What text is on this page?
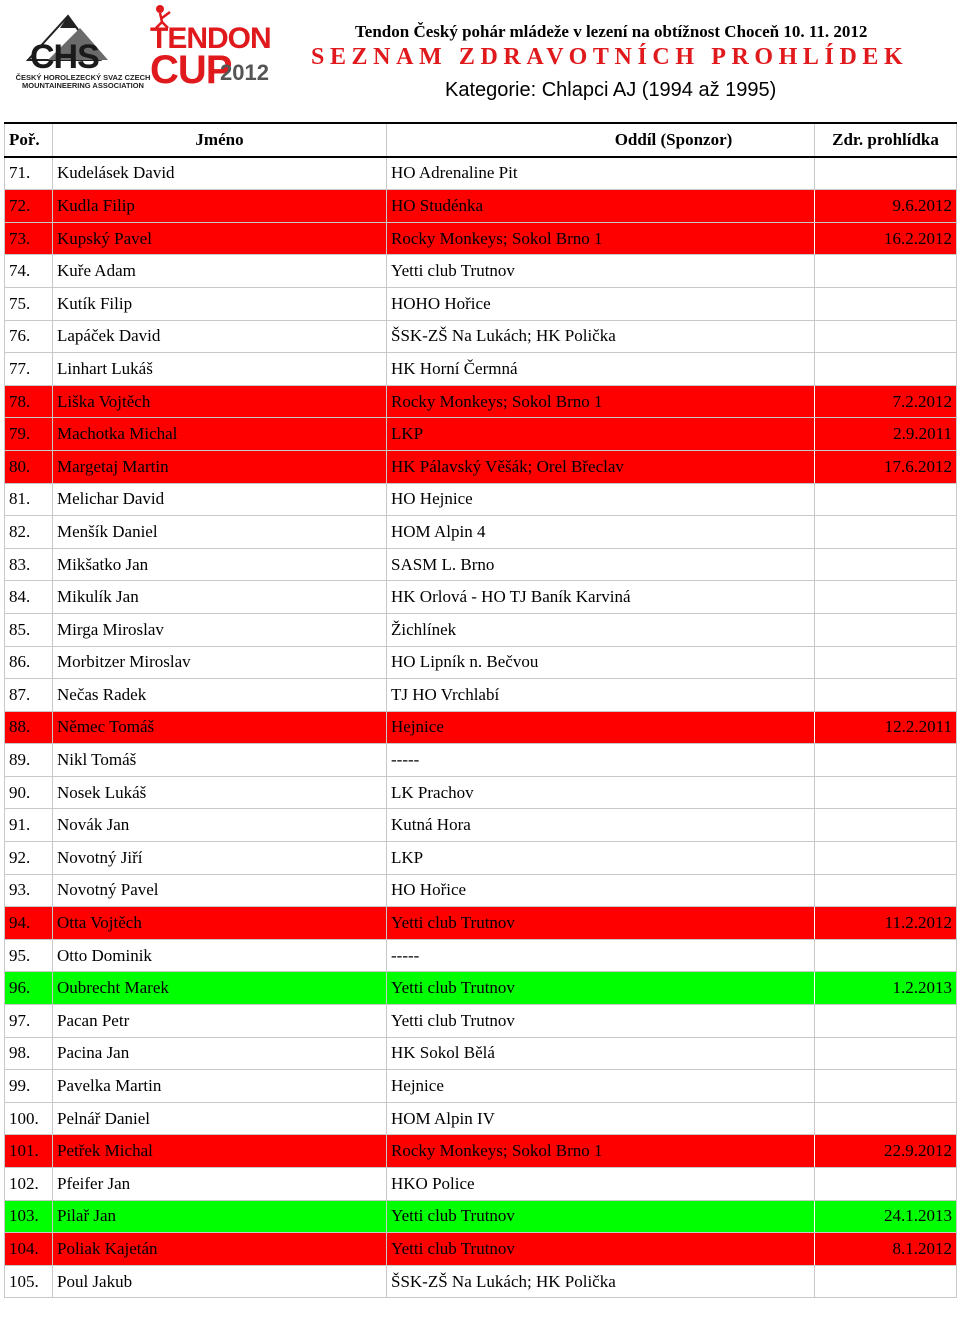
CHS
ČESKÝ HOROLEZECKÝ SVAZ CZECH MOUNTAINEERING ASSOCIATION
TENDON
CUP
2012
Tendon Český pohár mládeže v lezení na obtížnost Choceň 10. 11. 2012
SEZNAM ZDRAVOTNÍCH PROHLÍDEK
Kategorie: Chlapci AJ (1994 až 1995)
Poř.	Jméno	Oddíl (Sponzor)	Zdr. prohlídka
71.	Kudelásek David	HO Adrenaline Pit	
72.	Kudla Filip	HO Studénka	9.6.2012
73.	Kupský Pavel	Rocky Monkeys; Sokol Brno 1	16.2.2012
74.	Kuře Adam	Yetti club Trutnov	
75.	Kutík Filip	HOHO Hořice	
76.	Lapáček David	ŠSK-ZŠ Na Lukách; HK Polička	
77.	Linhart Lukáš	HK Horní Čermná	
78.	Liška Vojtěch	Rocky Monkeys; Sokol Brno 1	7.2.2012
79.	Machotka Michal	LKP	2.9.2011
80.	Margetaj Martin	HK Pálavský Věšák; Orel Břeclav	17.6.2012
81.	Melichar David	HO Hejnice	
82.	Menšík Daniel	HOM Alpin 4	
83.	Mikšatko Jan	SASM L. Brno	
84.	Mikulík Jan	HK Orlová - HO TJ Baník Karviná	
85.	Mirga Miroslav	Žichlínek	
86.	Morbitzer Miroslav	HO Lipník n. Bečvou	
87.	Nečas Radek	TJ HO Vrchlabí	
88.	Němec Tomáš	Hejnice	12.2.2011
89.	Nikl Tomáš	-----	
90.	Nosek Lukáš	LK Prachov	
91.	Novák Jan	Kutná Hora	
92.	Novotný Jiří	LKP	
93.	Novotný Pavel	HO Hořice	
94.	Otta Vojtěch	Yetti club Trutnov	11.2.2012
95.	Otto Dominik	-----	
96.	Oubrecht Marek	Yetti club Trutnov	1.2.2013
97.	Pacan Petr	Yetti club Trutnov	
98.	Pacina Jan	HK Sokol Bělá	
99.	Pavelka Martin	Hejnice	
100.	Pelnář Daniel	HOM Alpin IV	
101.	Petřek Michal	Rocky Monkeys; Sokol Brno 1	22.9.2012
102.	Pfeifer Jan	HKO Police	
103.	Pilař Jan	Yetti club Trutnov	24.1.2013
104.	Poliak Kajetán	Yetti club Trutnov	8.1.2012
105.	Poul Jakub	ŠSK-ZŠ Na Lukách; HK Polička	
